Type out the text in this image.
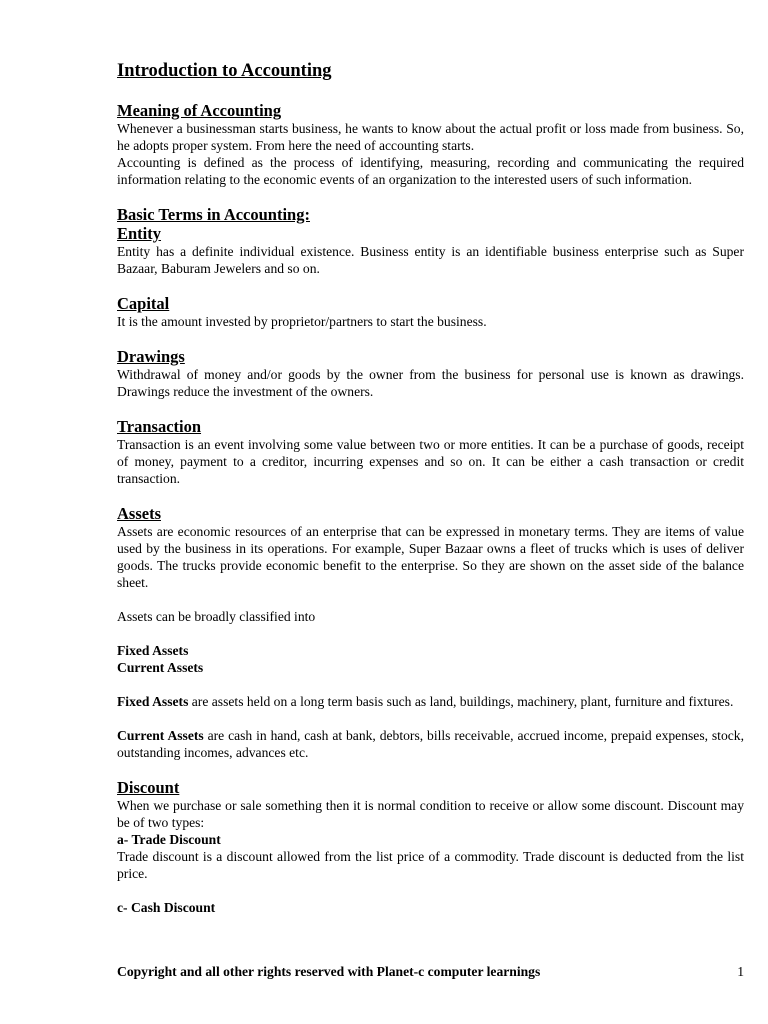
Introduction to Accounting
Meaning of Accounting

Whenever a businessman starts business, he wants to know about the actual profit or loss made from business. So, he adopts proper system. From here the need of accounting starts.

Accounting is defined as the process of identifying, measuring, recording and communicating the required information relating to the economic events of an organization to the interested users of such information.

Basic Terms in Accounting:
Entity

Entity has a definite individual existence. Business entity is an identifiable business enterprise such as Super Bazaar, Baburam Jewelers and so on.

Capital

It is the amount invested by proprietor/partners to start the business.

Drawings

Withdrawal of money and/or goods by the owner from the business for personal use is known as drawings. Drawings reduce the investment of the owners.

Transaction

Transaction is an event involving some value between two or more entities. It can be a purchase of goods, receipt of money, payment to a creditor, incurring expenses and so on. It can be either a cash transaction or credit transaction.

Assets

Assets are economic resources of an enterprise that can be expressed in monetary terms. They are items of value used by the business in its operations. For example, Super Bazaar owns a fleet of trucks which is uses of deliver goods. The trucks provide economic benefit to the enterprise. So they are shown on the asset side of the balance sheet.

Assets can be broadly classified into

Fixed Assets

Current Assets

Fixed Assets are assets held on a long term basis such as land, buildings, machinery, plant, furniture and fixtures.

Current Assets are cash in hand, cash at bank, debtors, bills receivable, accrued income, prepaid expenses, stock, outstanding incomes, advances etc.

Discount

When we purchase or sale something then it is normal condition to receive or allow some discount. Discount may be of two types:

a- Trade Discount

Trade discount is a discount allowed from the list price of a commodity. Trade discount is deducted from the list price.

c- Cash Discount

Copyright and all other rights reserved with Planet-c computer learnings	1
